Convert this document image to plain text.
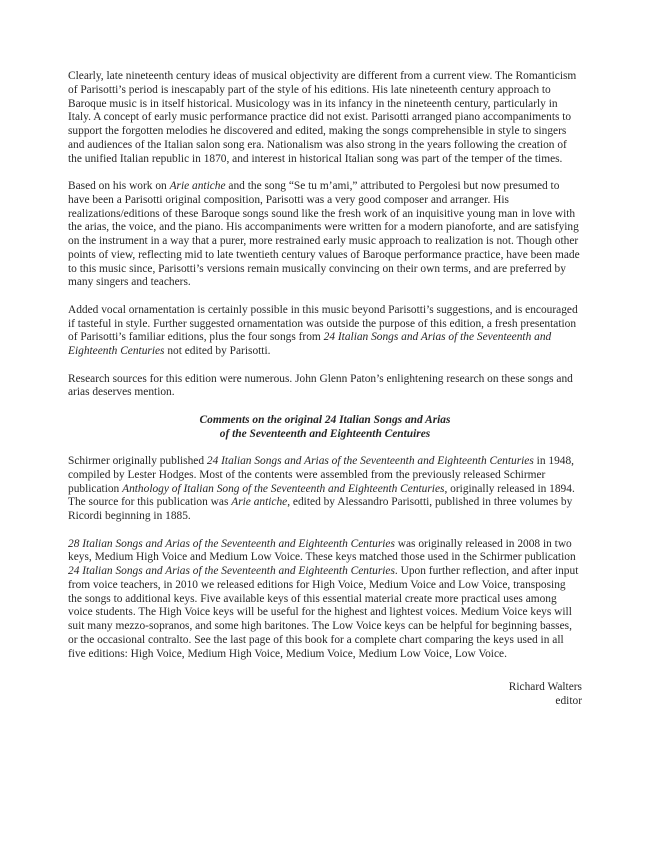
Clearly, late nineteenth century ideas of musical objectivity are different from a current view. The Romanticism of Parisotti’s period is inescapably part of the style of his editions. His late nineteenth century approach to Baroque music is in itself historical. Musicology was in its infancy in the nineteenth century, particularly in Italy. A concept of early music performance practice did not exist. Parisotti arranged piano accompaniments to support the forgotten melodies he discovered and edited, making the songs comprehensible in style to singers and audiences of the Italian salon song era. Nationalism was also strong in the years following the creation of the unified Italian republic in 1870, and interest in historical Italian song was part of the temper of the times.

Based on his work on Arie antiche and the song “Se tu m’ami,” attributed to Pergolesi but now presumed to have been a Parisotti original composition, Parisotti was a very good composer and arranger. His realizations/editions of these Baroque songs sound like the fresh work of an inquisitive young man in love with the arias, the voice, and the piano. His accompaniments were written for a modern pianoforte, and are satisfying on the instrument in a way that a purer, more restrained early music approach to realization is not. Though other points of view, reflecting mid to late twentieth century values of Baroque performance practice, have been made to this music since, Parisotti’s versions remain musically convincing on their own terms, and are preferred by many singers and teachers.

Added vocal ornamentation is certainly possible in this music beyond Parisotti’s suggestions, and is encouraged if tasteful in style. Further suggested ornamentation was outside the purpose of this edition, a fresh presentation of Parisotti’s familiar editions, plus the four songs from 24 Italian Songs and Arias of the Seventeenth and Eighteenth Centuries not edited by Parisotti.

Research sources for this edition were numerous. John Glenn Paton’s enlightening research on these songs and arias deserves mention.

Comments on the original 24 Italian Songs and Arias
of the Seventeenth and Eighteenth Centuires

Schirmer originally published 24 Italian Songs and Arias of the Seventeenth and Eighteenth Centuries in 1948, compiled by Lester Hodges. Most of the contents were assembled from the previously released Schirmer publication Anthology of Italian Song of the Seventeenth and Eighteenth Centuries, originally released in 1894. The source for this publication was Arie antiche, edited by Alessandro Parisotti, published in three volumes by Ricordi beginning in 1885.

28 Italian Songs and Arias of the Seventeenth and Eighteenth Centuries was originally released in 2008 in two keys, Medium High Voice and Medium Low Voice. These keys matched those used in the Schirmer publication 24 Italian Songs and Arias of the Seventeenth and Eighteenth Centuries. Upon further reflection, and after input from voice teachers, in 2010 we released editions for High Voice, Medium Voice and Low Voice, transposing the songs to additional keys. Five available keys of this essential material create more practical uses among voice students. The High Voice keys will be useful for the highest and lightest voices. Medium Voice keys will suit many mezzo-sopranos, and some high baritones. The Low Voice keys can be helpful for beginning basses, or the occasional contralto. See the last page of this book for a complete chart comparing the keys used in all five editions: High Voice, Medium High Voice, Medium Voice, Medium Low Voice, Low Voice.

Richard Walters
editor
